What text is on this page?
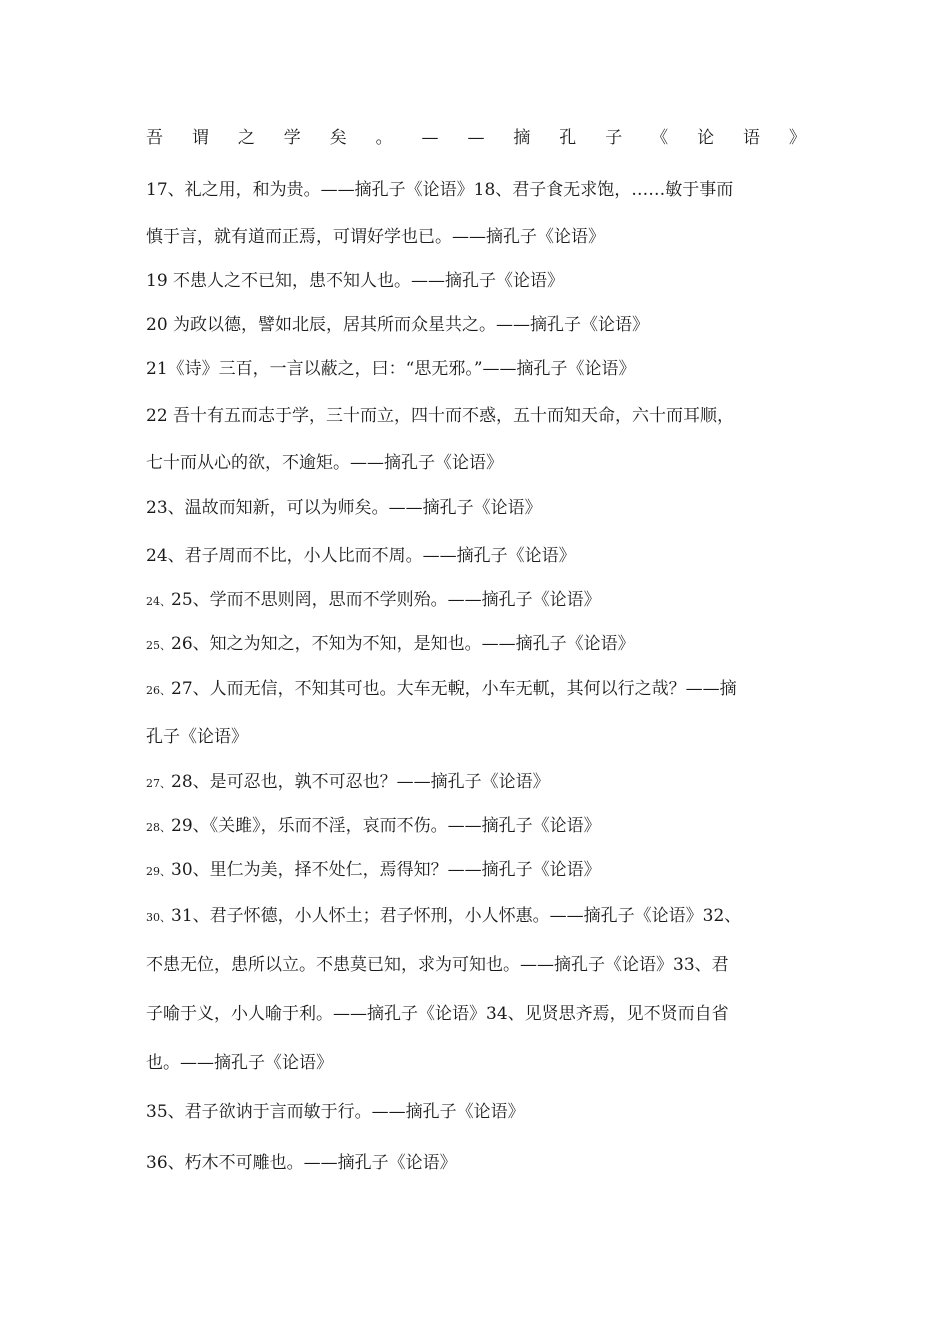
吾 谓 之 学 矣 。 — — 摘 孔 子 《 论 语 》
17、礼之用，和为贵。——摘孔子《论语》18、君子食无求饱，……敏于事而
慎于言，就有道而正焉，可谓好学也已。——摘孔子《论语》
19 不患人之不已知，患不知人也。——摘孔子《论语》
20 为政以德，譬如北辰，居其所而众星共之。——摘孔子《论语》
21《诗》三百，一言以蔽之，曰：“思无邪。”——摘孔子《论语》
22 吾十有五而志于学，三十而立，四十而不惑，五十而知天命，六十而耳顺，
七十而从心的欲，不逾矩。——摘孔子《论语》
23、温故而知新，可以为师矣。——摘孔子《论语》
24、君子周而不比，小人比而不周。——摘孔子《论语》
24、25、学而不思则罔，思而不学则殆。——摘孔子《论语》
25、26、知之为知之，不知为不知，是知也。——摘孔子《论语》
26、27、人而无信，不知其可也。大车无輗，小车无軏，其何以行之哉？——摘
孔子《论语》
27、28、是可忍也，孰不可忍也？——摘孔子《论语》
28、29、《关雎》，乐而不淫，哀而不伤。——摘孔子《论语》
29、30、里仁为美，择不处仁，焉得知？——摘孔子《论语》
30、31、君子怀德，小人怀土；君子怀刑，小人怀惠。——摘孔子《论语》32、
不患无位，患所以立。不患莫已知，求为可知也。——摘孔子《论语》33、君
子喻于义，小人喻于利。——摘孔子《论语》34、见贤思齐焉，见不贤而自省
也。——摘孔子《论语》
35、君子欲讷于言而敏于行。——摘孔子《论语》
36、朽木不可雕也。——摘孔子《论语》
